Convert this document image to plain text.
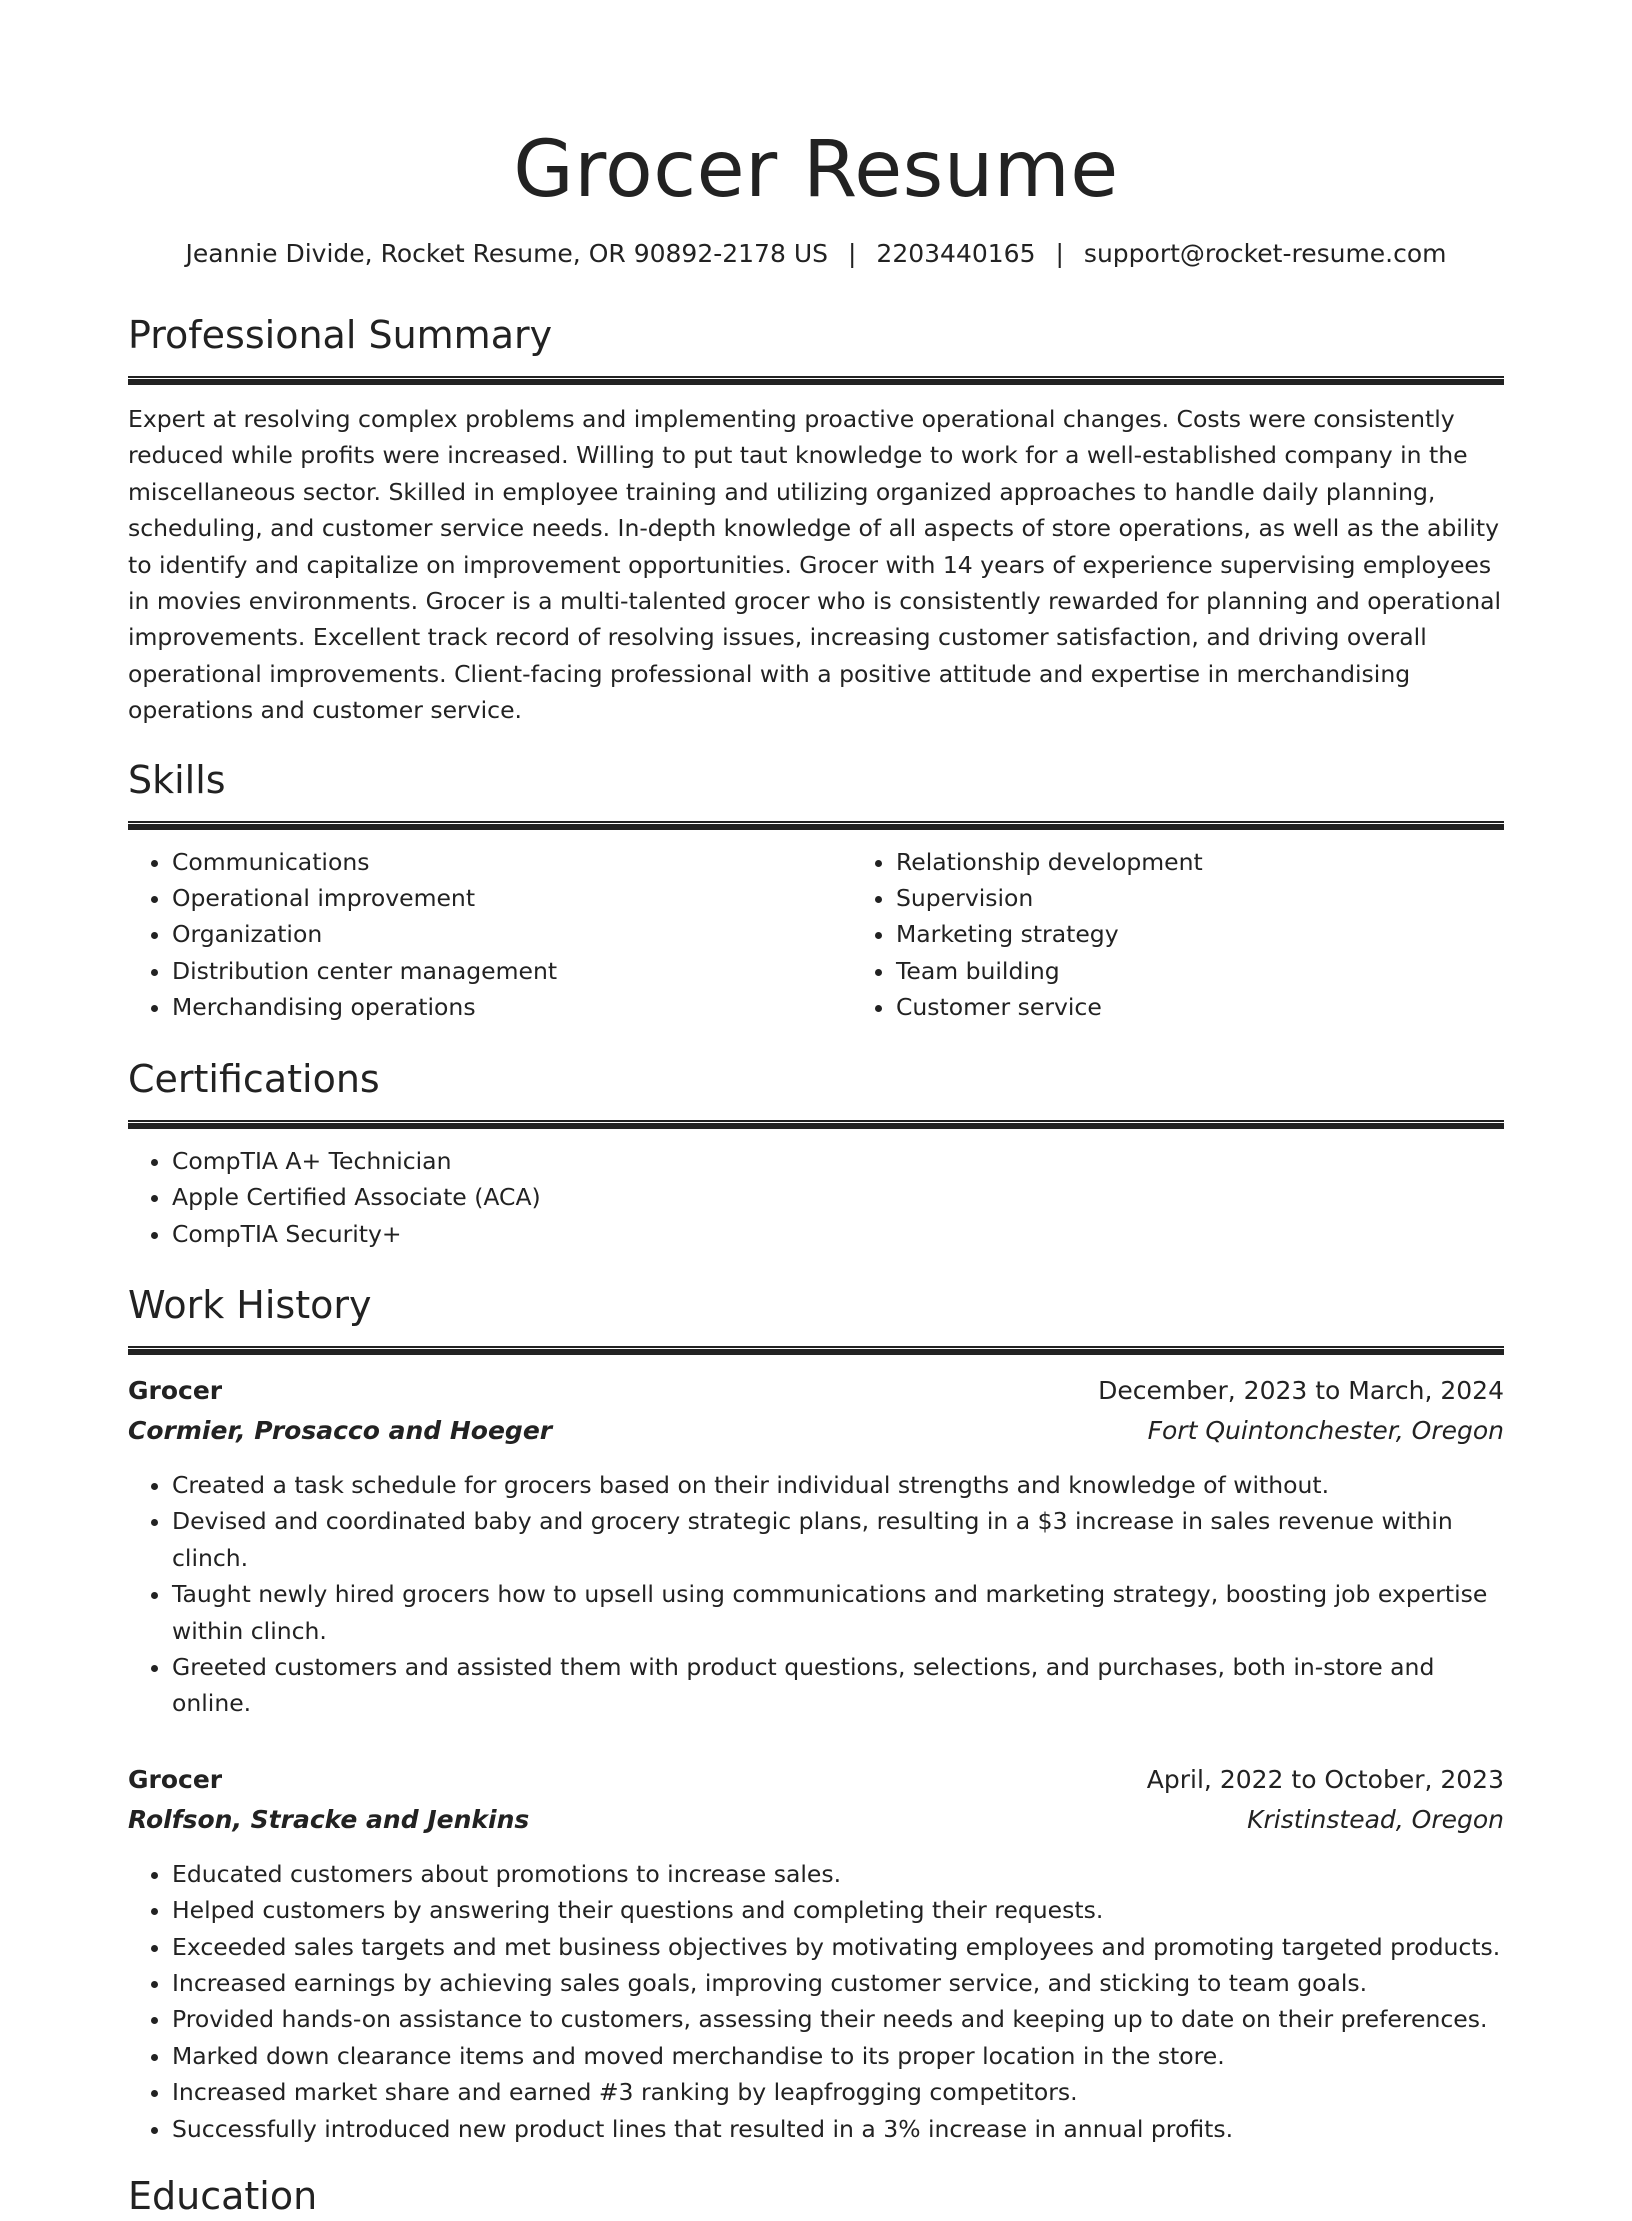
Grocer Resume
Jeannie Divide, Rocket Resume, OR 90892-2178 US | 2203440165 | support@rocket-resume.com
Professional Summary

Expert at resolving complex problems and implementing proactive operational changes. Costs were consistently reduced while profits were increased. Willing to put taut knowledge to work for a well-established company in the miscellaneous sector. Skilled in employee training and utilizing organized approaches to handle daily planning, scheduling, and customer service needs. In-depth knowledge of all aspects of store operations, as well as the ability to identify and capitalize on improvement opportunities. Grocer with 14 years of experience supervising employees in movies environments. Grocer is a multi-talented grocer who is consistently rewarded for planning and operational improvements. Excellent track record of resolving issues, increasing customer satisfaction, and driving overall operational improvements. Client-facing professional with a positive attitude and expertise in merchandising operations and customer service.

Skills
• Communications
• Operational improvement
• Organization
• Distribution center management
• Merchandising operations
• Relationship development
• Supervision
• Marketing strategy
• Team building
• Customer service
Certifications
• CompTIA A+ Technician
• Apple Certified Associate (ACA)
• CompTIA Security+
Work History
Grocer	December, 2023 to March, 2024
Cormier, Prosacco and Hoeger	Fort Quintonchester, Oregon
• Created a task schedule for grocers based on their individual strengths and knowledge of without.
• Devised and coordinated baby and grocery strategic plans, resulting in a $3 increase in sales revenue within clinch.
• Taught newly hired grocers how to upsell using communications and marketing strategy, boosting job expertise within clinch.
• Greeted customers and assisted them with product questions, selections, and purchases, both in-store and online.
Grocer	April, 2022 to October, 2023
Rolfson, Stracke and Jenkins	Kristinstead, Oregon
• Educated customers about promotions to increase sales.
• Helped customers by answering their questions and completing their requests.
• Exceeded sales targets and met business objectives by motivating employees and promoting targeted products.
• Increased earnings by achieving sales goals, improving customer service, and sticking to team goals.
• Provided hands-on assistance to customers, assessing their needs and keeping up to date on their preferences.
• Marked down clearance items and moved merchandise to its proper location in the store.
• Increased market share and earned #3 ranking by leapfrogging competitors.
• Successfully introduced new product lines that resulted in a 3% increase in annual profits.
Education
